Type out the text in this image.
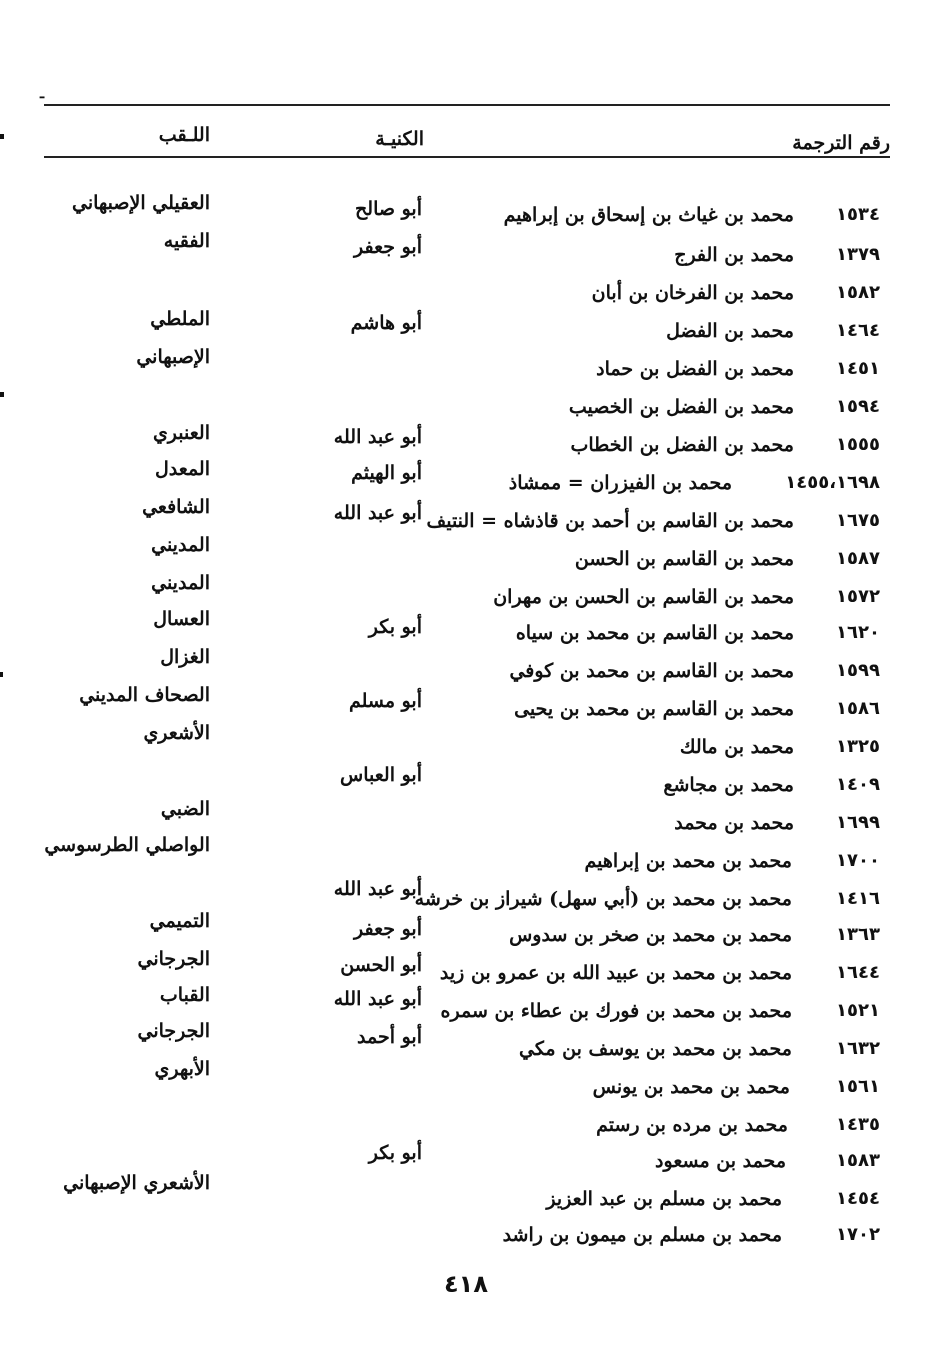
ـ
رقم الترجمة
الكنيـة
اللـقب
١٥٣٤
محمد بن غياث بن إسحاق بن إبراهيم
أبو صالح
العقيلي الإصبهاني
١٣٧٩
محمد بن الفرج
أبو جعفر
الفقيه
١٥٨٢
محمد بن الفرخان بن أبان
١٤٦٤
محمد بن الفضل
أبو هاشم
الملطي
١٤٥١
محمد بن الفضل بن حماد
الإصبهاني
١٥٩٤
محمد بن الفضل بن الخصيب
١٥٥٥
محمد بن الفضل بن الخطاب
أبو عبد الله
العنبري
١٤٥٥،١٦٩٨
محمد بن الفيزران = ممشاذ
أبو الهيثم
المعدل
١٦٧٥
محمد بن القاسم بن أحمد بن قاذشاه = النتيف
أبو عبد الله
الشافعي
١٥٨٧
محمد بن القاسم بن الحسن
المديني
١٥٧٢
محمد بن القاسم بن الحسن بن مهران
المديني
١٦٢٠
محمد بن القاسم بن محمد بن سياه
أبو بكر
العسال
١٥٩٩
محمد بن القاسم بن محمد بن كوفي
الغزال
١٥٨٦
محمد بن القاسم بن محمد بن يحيى
أبو مسلم
الصحاف المديني
١٣٢٥
محمد بن مالك
الأشعري
١٤٠٩
محمد بن مجاشع
أبو العباس
١٦٩٩
محمد بن محمد
الضبي
١٧٠٠
محمد بن محمد بن إبراهيم
الواصلي الطرسوسي
١٤١٦
محمد بن محمد بن (أبي سهل) شيراز بن خرشه
أبو عبد الله
١٣٦٣
محمد بن محمد بن صخر بن سدوس
أبو جعفر
التميمي
١٦٤٤
محمد بن محمد بن عبيد الله بن عمرو بن زيد
أبو الحسن
الجرجاني
١٥٢١
محمد بن محمد بن فورك بن عطاء بن سمره
أبو عبد الله
القباب
١٦٣٢
محمد بن محمد بن يوسف بن مكي
أبو أحمد
الجرجاني
١٥٦١
محمد بن محمد بن يونس
الأبهري
١٤٣٥
محمد بن مرده بن رستم
١٥٨٣
محمد بن مسعود
أبو بكر
١٤٥٤
محمد بن مسلم بن عبد العزيز
الأشعري الإصبهاني
١٧٠٢
محمد بن مسلم بن ميمون بن راشد
٤١٨
